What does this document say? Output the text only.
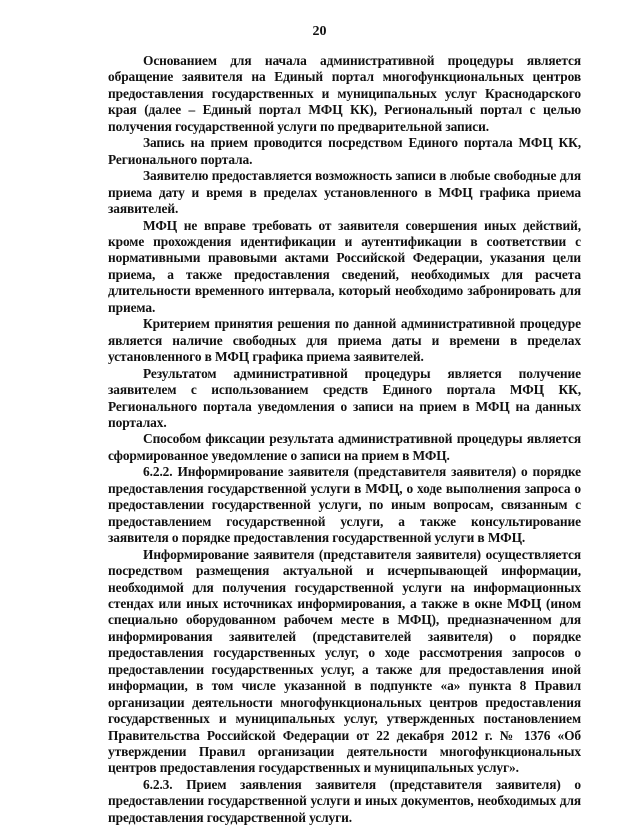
20

Основанием для начала административной процедуры является обращение заявителя на Единый портал многофункциональных центров предоставления государственных и муниципальных услуг Краснодарского края (далее – Единый портал МФЦ КК), Региональный портал с целью получения государственной услуги по предварительной записи.

Запись на прием проводится посредством Единого портала МФЦ КК, Регионального портала.

Заявителю предоставляется возможность записи в любые свободные для приема дату и время в пределах установленного в МФЦ графика приема заявителей.

МФЦ не вправе требовать от заявителя совершения иных действий, кроме прохождения идентификации и аутентификации в соответствии с нормативными правовыми актами Российской Федерации, указания цели приема, а также предоставления сведений, необходимых для расчета длительности временного интервала, который необходимо забронировать для приема.

Критерием принятия решения по данной административной процедуре является наличие свободных для приема даты и времени в пределах установленного в МФЦ графика приема заявителей.

Результатом административной процедуры является получение заявителем с использованием средств Единого портала МФЦ КК, Регионального портала уведомления о записи на прием в МФЦ на данных порталах.

Способом фиксации результата административной процедуры является сформированное уведомление о записи на прием в МФЦ.

6.2.2. Информирование заявителя (представителя заявителя) о порядке предоставления государственной услуги в МФЦ, о ходе выполнения запроса о предоставлении государственной услуги, по иным вопросам, связанным с предоставлением государственной услуги, а также консультирование заявителя о порядке предоставления государственной услуги в МФЦ.

Информирование заявителя (представителя заявителя) осуществляется посредством размещения актуальной и исчерпывающей информации, необходимой для получения государственной услуги на информационных стендах или иных источниках информирования, а также в окне МФЦ (ином специально оборудованном рабочем месте в МФЦ), предназначенном для информирования заявителей (представителей заявителя) о порядке предоставления государственных услуг, о ходе рассмотрения запросов о предоставлении государственных услуг, а также для предоставления иной информации, в том числе указанной в подпункте «а» пункта 8 Правил организации деятельности многофункциональных центров предоставления государственных и муниципальных услуг, утвержденных постановлением Правительства Российской Федерации от 22 декабря 2012 г. № 1376 «Об утверждении Правил организации деятельности многофункциональных центров предоставления государственных и муниципальных услуг».

6.2.3. Прием заявления заявителя (представителя заявителя) о предоставлении государственной услуги и иных документов, необходимых для предоставления государственной услуги.
